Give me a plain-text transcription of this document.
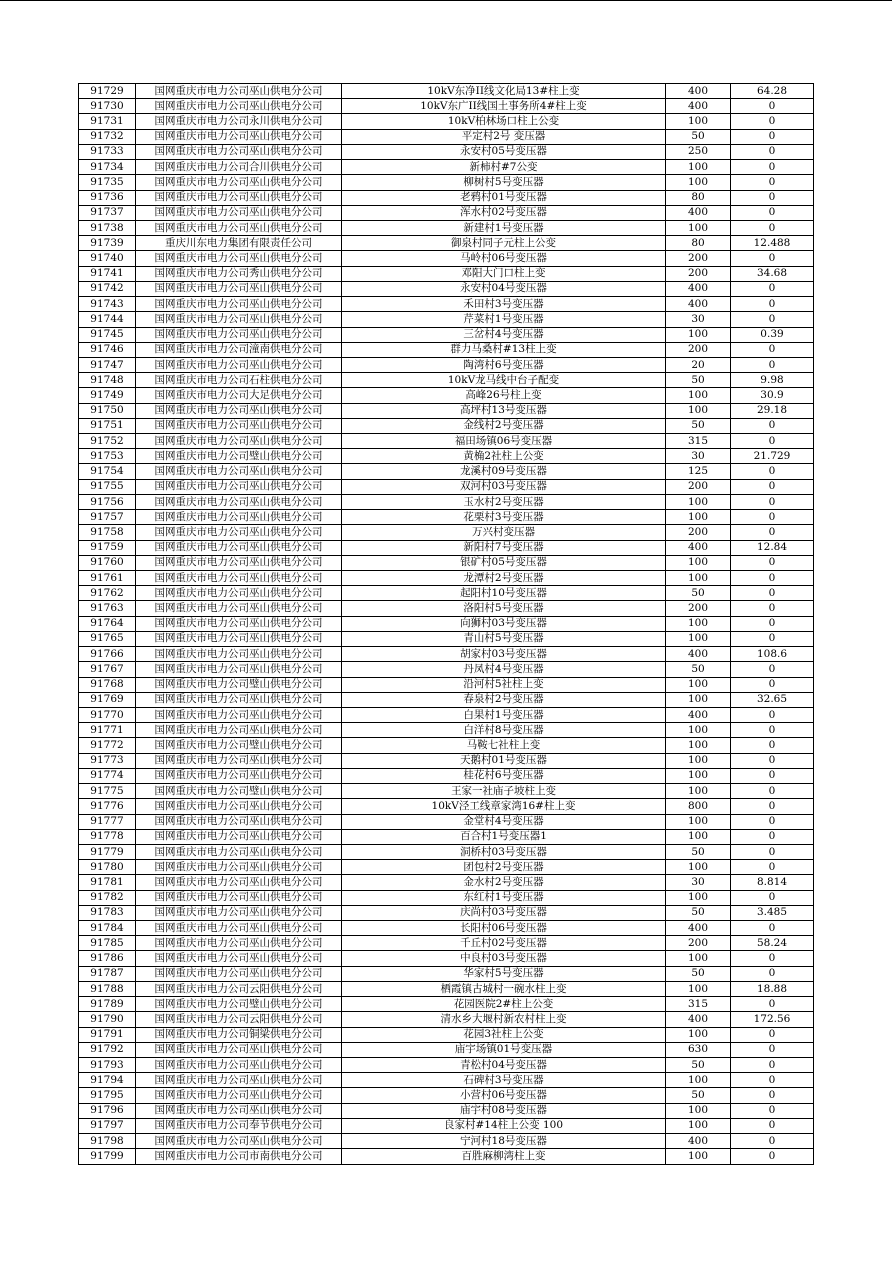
91729	国网重庆市电力公司巫山供电分公司	10kV东净II线文化局13#柱上变	400	64.28
91730	国网重庆市电力公司巫山供电分公司	10kV东广II线国土事务所4#柱上变	400	0
91731	国网重庆市电力公司永川供电分公司	10kV柏林场口柱上公变	100	0
91732	国网重庆市电力公司巫山供电分公司	平定村2号 变压器	50	0
91733	国网重庆市电力公司巫山供电分公司	永安村05号变压器	250	0
91734	国网重庆市电力公司合川供电分公司	新柿村#7公变	100	0
91735	国网重庆市电力公司巫山供电分公司	柳树村5号变压器	100	0
91736	国网重庆市电力公司巫山供电分公司	老鸦村01号变压器	80	0
91737	国网重庆市电力公司巫山供电分公司	浑水村02号变压器	400	0
91738	国网重庆市电力公司巫山供电分公司	新建村1号变压器	100	0
91739	重庆川东电力集团有限责任公司	御泉村同子元柱上公变	80	12.488
91740	国网重庆市电力公司巫山供电分公司	马岭村06号变压器	200	0
91741	国网重庆市电力公司秀山供电分公司	邓阳大门口柱上变	200	34.68
91742	国网重庆市电力公司巫山供电分公司	永安村04号变压器	400	0
91743	国网重庆市电力公司巫山供电分公司	禾田村3号变压器	400	0
91744	国网重庆市电力公司巫山供电分公司	芹菜村1号变压器	30	0
91745	国网重庆市电力公司巫山供电分公司	三岔村4号变压器	100	0.39
91746	国网重庆市电力公司潼南供电分公司	群力马桑村#13柱上变	200	0
91747	国网重庆市电力公司巫山供电分公司	陶湾村6号变压器	20	0
91748	国网重庆市电力公司石柱供电分公司	10kV龙马线中台子配变	50	9.98
91749	国网重庆市电力公司大足供电分公司	高峰26号柱上变	100	30.9
91750	国网重庆市电力公司巫山供电分公司	高坪村13号变压器	100	29.18
91751	国网重庆市电力公司巫山供电分公司	金线村2号变压器	50	0
91752	国网重庆市电力公司巫山供电分公司	福田场镇06号变压器	315	0
91753	国网重庆市电力公司璧山供电分公司	黄桷2社柱上公变	30	21.729
91754	国网重庆市电力公司巫山供电分公司	龙溪村09号变压器	125	0
91755	国网重庆市电力公司巫山供电分公司	双河村03号变压器	200	0
91756	国网重庆市电力公司巫山供电分公司	玉水村2号变压器	100	0
91757	国网重庆市电力公司巫山供电分公司	花栗村3号变压器	100	0
91758	国网重庆市电力公司巫山供电分公司	万兴村变压器	200	0
91759	国网重庆市电力公司巫山供电分公司	新阳村7号变压器	400	12.84
91760	国网重庆市电力公司巫山供电分公司	银矿村05号变压器	100	0
91761	国网重庆市电力公司巫山供电分公司	龙潭村2号变压器	100	0
91762	国网重庆市电力公司巫山供电分公司	起阳村10号变压器	50	0
91763	国网重庆市电力公司巫山供电分公司	洛阳村5号变压器	200	0
91764	国网重庆市电力公司巫山供电分公司	向狮村03号变压器	100	0
91765	国网重庆市电力公司巫山供电分公司	青山村5号变压器	100	0
91766	国网重庆市电力公司巫山供电分公司	胡家村03号变压器	400	108.6
91767	国网重庆市电力公司巫山供电分公司	丹凤村4号变压器	50	0
91768	国网重庆市电力公司璧山供电分公司	沿河村5社柱上变	100	0
91769	国网重庆市电力公司巫山供电分公司	春泉村2号变压器	100	32.65
91770	国网重庆市电力公司巫山供电分公司	白果村1号变压器	400	0
91771	国网重庆市电力公司巫山供电分公司	白洋村8号变压器	100	0
91772	国网重庆市电力公司璧山供电分公司	马鞍七社柱上变	100	0
91773	国网重庆市电力公司巫山供电分公司	天鹅村01号变压器	100	0
91774	国网重庆市电力公司巫山供电分公司	桂花村6号变压器	100	0
91775	国网重庆市电力公司璧山供电分公司	王家一社庙子坡柱上变	100	0
91776	国网重庆市电力公司巫山供电分公司	10kV泾工线章家湾16#柱上变	800	0
91777	国网重庆市电力公司巫山供电分公司	金堂村4号变压器	100	0
91778	国网重庆市电力公司巫山供电分公司	百合村1号变压器1	100	0
91779	国网重庆市电力公司巫山供电分公司	洞桥村03号变压器	50	0
91780	国网重庆市电力公司巫山供电分公司	团包村2号变压器	100	0
91781	国网重庆市电力公司巫山供电分公司	金水村2号变压器	30	8.814
91782	国网重庆市电力公司巫山供电分公司	东红村1号变压器	100	0
91783	国网重庆市电力公司巫山供电分公司	庆尚村03号变压器	50	3.485
91784	国网重庆市电力公司巫山供电分公司	长阳村06号变压器	400	0
91785	国网重庆市电力公司巫山供电分公司	千丘村02号变压器	200	58.24
91786	国网重庆市电力公司巫山供电分公司	中良村03号变压器	100	0
91787	国网重庆市电力公司巫山供电分公司	华家村5号变压器	50	0
91788	国网重庆市电力公司云阳供电分公司	栖霞镇古城村一碗水柱上变	100	18.88
91789	国网重庆市电力公司璧山供电分公司	花园医院2#柱上公变	315	0
91790	国网重庆市电力公司云阳供电分公司	清水乡大堰村新农村柱上变	400	172.56
91791	国网重庆市电力公司铜梁供电分公司	花园3社柱上公变	100	0
91792	国网重庆市电力公司巫山供电分公司	庙宇场镇01号变压器	630	0
91793	国网重庆市电力公司巫山供电分公司	青松村04号变压器	50	0
91794	国网重庆市电力公司巫山供电分公司	石碑村3号变压器	100	0
91795	国网重庆市电力公司巫山供电分公司	小营村06号变压器	50	0
91796	国网重庆市电力公司巫山供电分公司	庙宇村08号变压器	100	0
91797	国网重庆市电力公司奉节供电分公司	良家村#14柱上公变 100	100	0
91798	国网重庆市电力公司巫山供电分公司	宁河村18号变压器	400	0
91799	国网重庆市电力公司市南供电分公司	百胜麻柳湾柱上变	100	0
